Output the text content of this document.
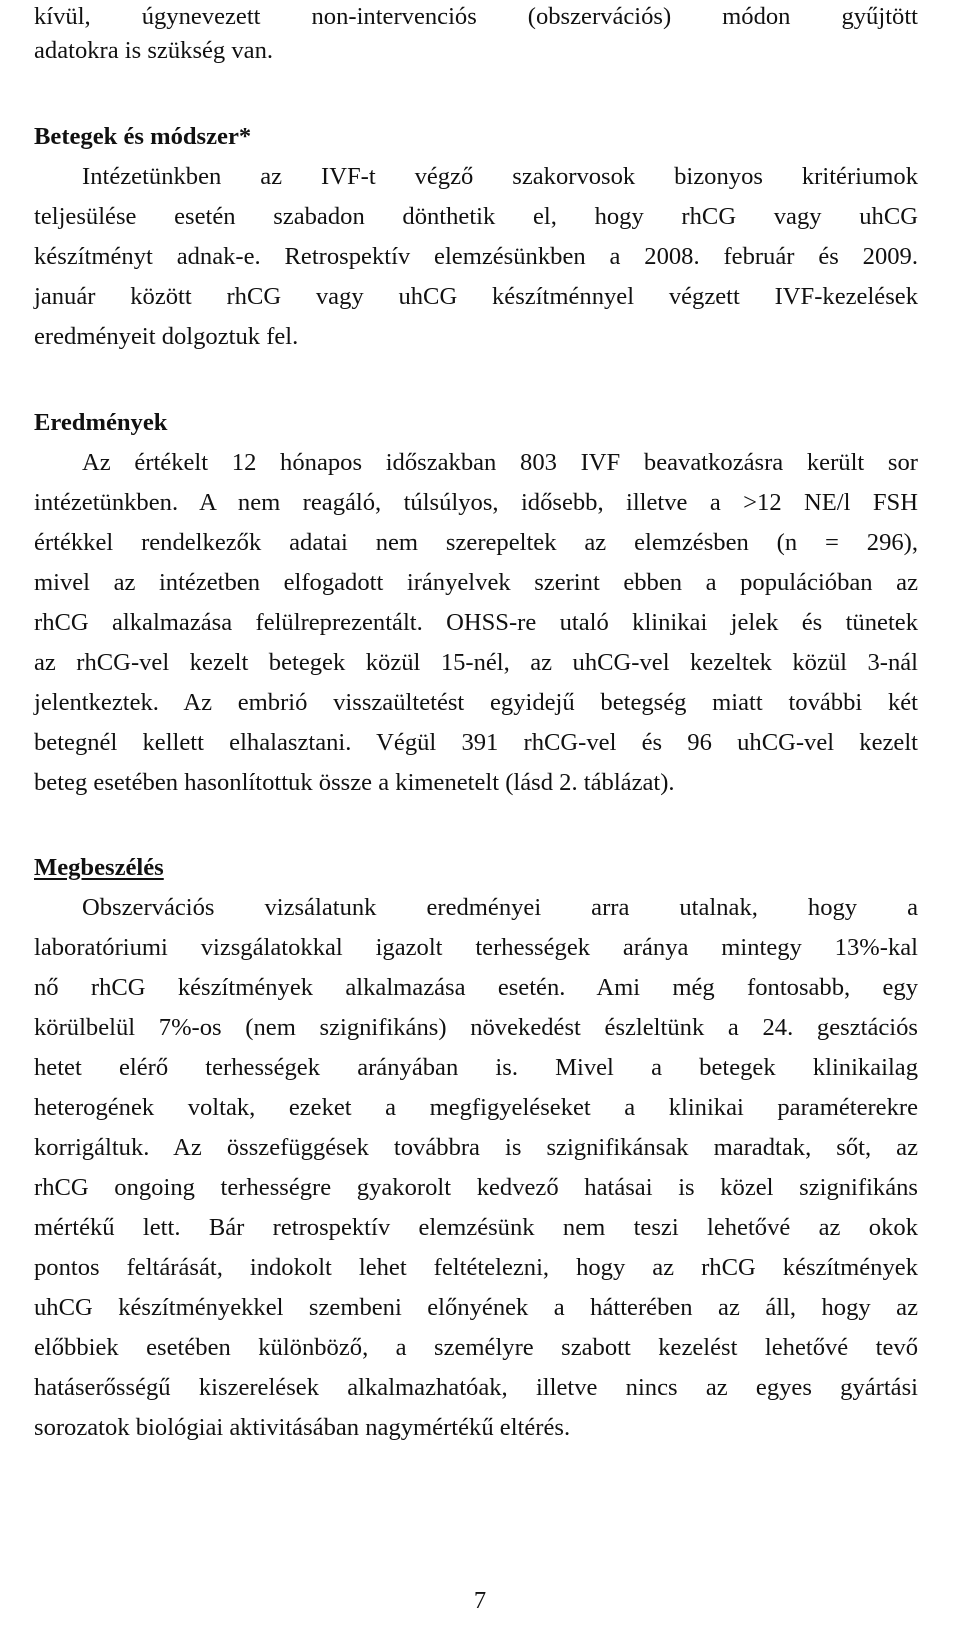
kívül, úgynevezett non-intervenciós (obszervációs) módon gyűjtött
adatokra is szükség van.
Betegek és módszer*
Intézetünkben az IVF-t végző szakorvosok bizonyos kritériumok
teljesülése esetén szabadon dönthetik el, hogy rhCG vagy uhCG
készítményt adnak-e. Retrospektív elemzésünkben a 2008. február és 2009.
január között rhCG vagy uhCG készítménnyel végzett IVF-kezelések
eredményeit dolgoztuk fel.
Eredmények
Az értékelt 12 hónapos időszakban 803 IVF beavatkozásra került sor
intézetünkben. A nem reagáló, túlsúlyos, idősebb, illetve a >12 NE/l FSH
értékkel rendelkezők adatai nem szerepeltek az elemzésben (n = 296),
mivel az intézetben elfogadott irányelvek szerint ebben a populációban az
rhCG alkalmazása felülreprezentált. OHSS-re utaló klinikai jelek és tünetek
az rhCG-vel kezelt betegek közül 15-nél, az uhCG-vel kezeltek közül 3-nál
jelentkeztek. Az embrió visszaültetést egyidejű betegség miatt további két
betegnél kellett elhalasztani. Végül 391 rhCG-vel és 96 uhCG-vel kezelt
beteg esetében hasonlítottuk össze a kimenetelt (lásd 2. táblázat).
Megbeszélés
Obszervációs vizsálatunk eredményei arra utalnak, hogy a
laboratóriumi vizsgálatokkal igazolt terhességek aránya mintegy 13%-kal
nő rhCG készítmények alkalmazása esetén. Ami még fontosabb, egy
körülbelül 7%-os (nem szignifikáns) növekedést észleltünk a 24. gesztációs
hetet elérő terhességek arányában is. Mivel a betegek klinikailag
heterogének voltak, ezeket a megfigyeléseket a klinikai paraméterekre
korrigáltuk. Az összefüggések továbbra is szignifikánsak maradtak, sőt, az
rhCG ongoing terhességre gyakorolt kedvező hatásai is közel szignifikáns
mértékű lett. Bár retrospektív elemzésünk nem teszi lehetővé az okok
pontos feltárását, indokolt lehet feltételezni, hogy az rhCG készítmények
uhCG készítményekkel szembeni előnyének a hátterében az áll, hogy az
előbbiek esetében különböző, a személyre szabott kezelést lehetővé tevő
hatáserősségű kiszerelések alkalmazhatóak, illetve nincs az egyes gyártási
sorozatok biológiai aktivitásában nagymértékű eltérés.
7
